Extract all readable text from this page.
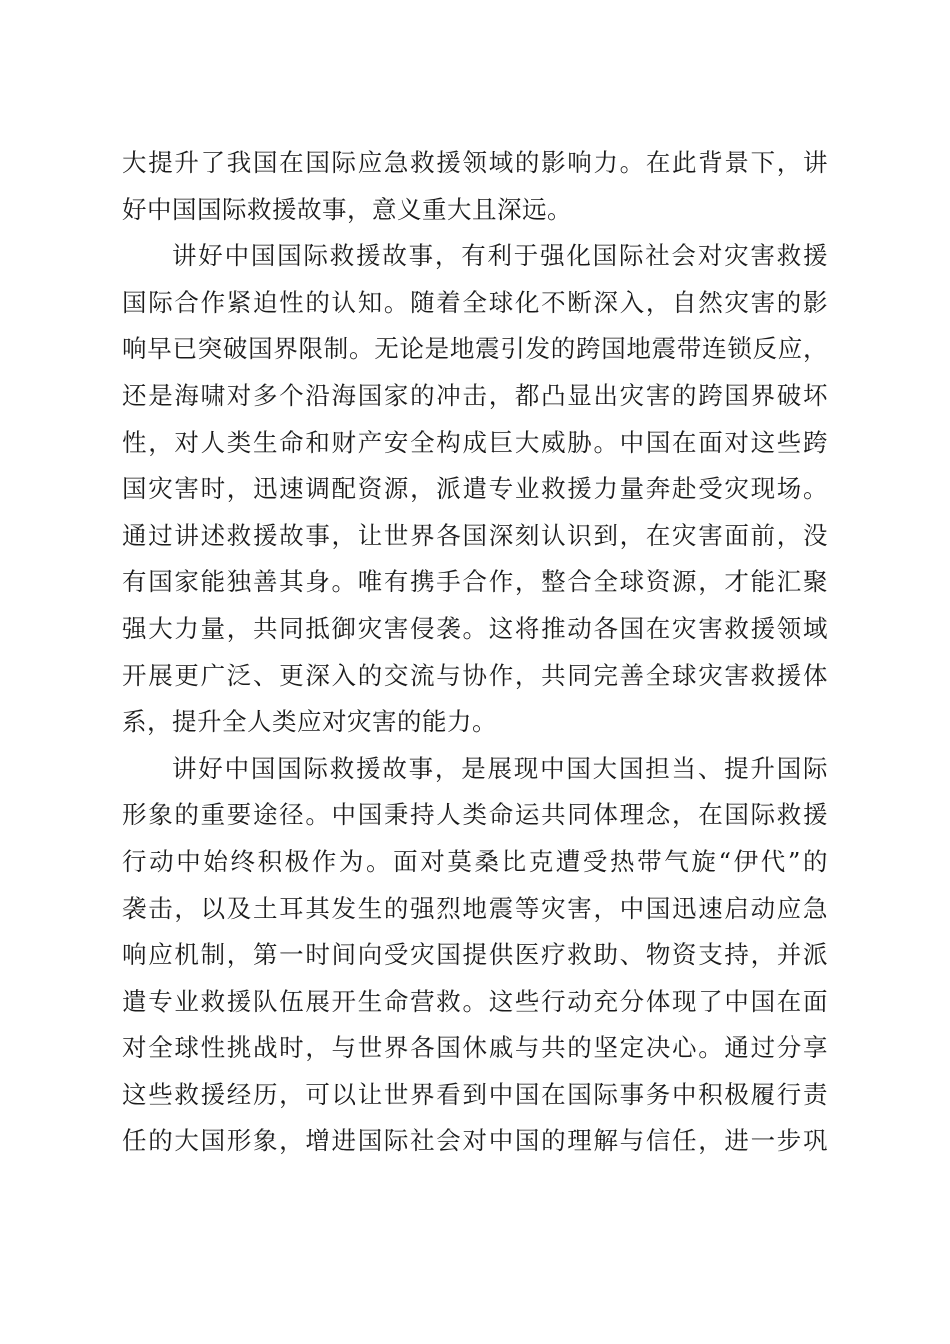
大提升了我国在国际应急救援领域的影响力。在此背景下，讲
好中国国际救援故事，意义重大且深远。
讲好中国国际救援故事，有利于强化国际社会对灾害救援
国际合作紧迫性的认知。随着全球化不断深入，自然灾害的影
响早已突破国界限制。无论是地震引发的跨国地震带连锁反应，
还是海啸对多个沿海国家的冲击，都凸显出灾害的跨国界破坏
性，对人类生命和财产安全构成巨大威胁。中国在面对这些跨
国灾害时，迅速调配资源，派遣专业救援力量奔赴受灾现场。
通过讲述救援故事，让世界各国深刻认识到，在灾害面前，没
有国家能独善其身。唯有携手合作，整合全球资源，才能汇聚
强大力量，共同抵御灾害侵袭。这将推动各国在灾害救援领域
开展更广泛、更深入的交流与协作，共同完善全球灾害救援体
系，提升全人类应对灾害的能力。
讲好中国国际救援故事，是展现中国大国担当、提升国际
形象的重要途径。中国秉持人类命运共同体理念，在国际救援
行动中始终积极作为。面对莫桑比克遭受热带气旋“伊代”的
袭击，以及土耳其发生的强烈地震等灾害，中国迅速启动应急
响应机制，第一时间向受灾国提供医疗救助、物资支持，并派
遣专业救援队伍展开生命营救。这些行动充分体现了中国在面
对全球性挑战时，与世界各国休戚与共的坚定决心。通过分享
这些救援经历，可以让世界看到中国在国际事务中积极履行责
任的大国形象，增进国际社会对中国的理解与信任，进一步巩
